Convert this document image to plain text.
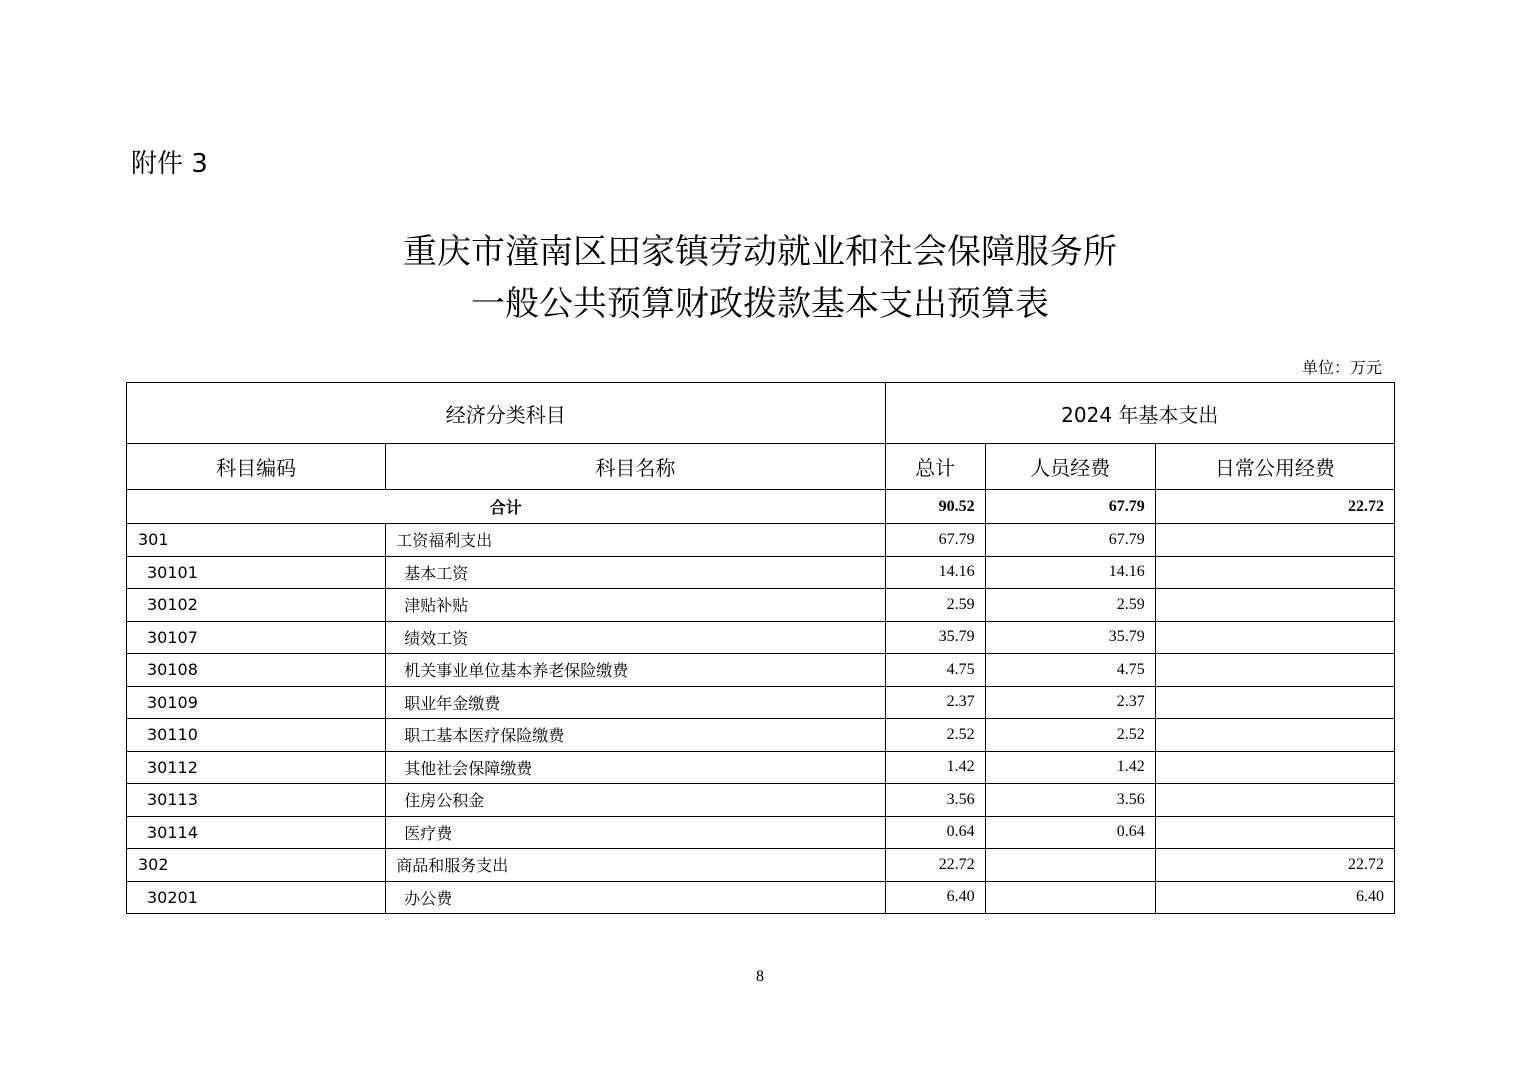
附件 3
重庆市潼南区田家镇劳动就业和社会保障服务所
一般公共预算财政拨款基本支出预算表
单位：万元
经济分类科目		2024 年基本支出		
科目编码	科目名称	总计	人员经费	日常公用经费
合计		90.52	67.79	22.72
301	工资福利支出	67.79	67.79	
30101	基本工资	14.16	14.16	
30102	津贴补贴	2.59	2.59	
30107	绩效工资	35.79	35.79	
30108	机关事业单位基本养老保险缴费	4.75	4.75	
30109	职业年金缴费	2.37	2.37	
30110	职工基本医疗保险缴费	2.52	2.52	
30112	其他社会保障缴费	1.42	1.42	
30113	住房公积金	3.56	3.56	
30114	医疗费	0.64	0.64	
302	商品和服务支出	22.72		22.72
30201	办公费	6.40		6.40
8
